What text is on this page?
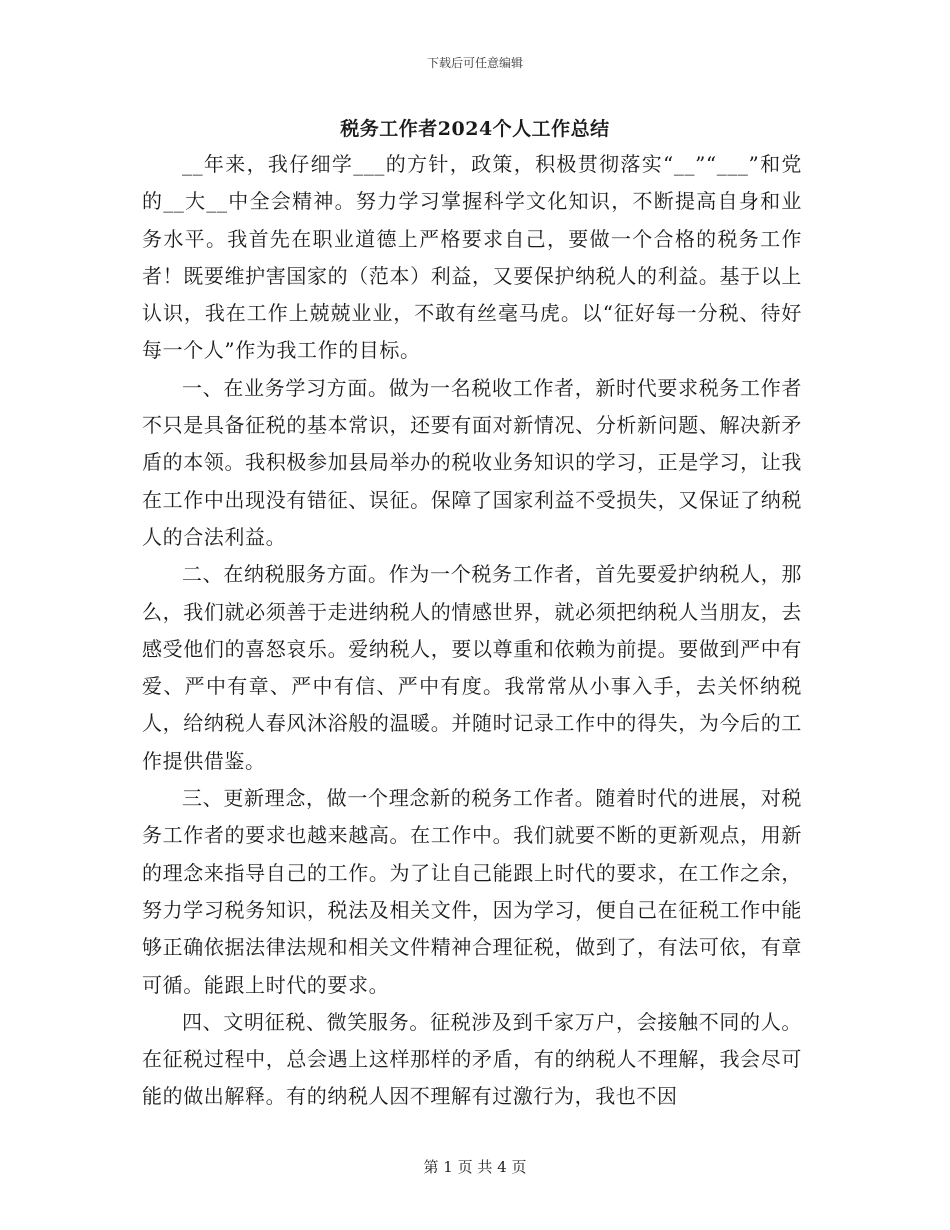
下载后可任意编辑
税务工作者2024个人工作总结

__年来，我仔细学___的方针，政策，积极贯彻落实“__”“___”和党的__大__中全会精神。努力学习掌握科学文化知识，不断提高自身和业务水平。我首先在职业道德上严格要求自己，要做一个合格的税务工作者！既要维护害国家的（范本）利益，又要保护纳税人的利益。基于以上认识，我在工作上兢兢业业，不敢有丝毫马虎。以“征好每一分税、待好每一个人”作为我工作的目标。

一、在业务学习方面。做为一名税收工作者，新时代要求税务工作者不只是具备征税的基本常识，还要有面对新情况、分析新问题、解决新矛盾的本领。我积极参加县局举办的税收业务知识的学习，正是学习，让我在工作中出现没有错征、误征。保障了国家利益不受损失，又保证了纳税人的合法利益。

二、在纳税服务方面。作为一个税务工作者，首先要爱护纳税人，那么，我们就必须善于走进纳税人的情感世界，就必须把纳税人当朋友，去感受他们的喜怒哀乐。爱纳税人，要以尊重和依赖为前提。要做到严中有爱、严中有章、严中有信、严中有度。我常常从小事入手，去关怀纳税人，给纳税人春风沐浴般的温暖。并随时记录工作中的得失，为今后的工作提供借鉴。

三、更新理念，做一个理念新的税务工作者。随着时代的进展，对税务工作者的要求也越来越高。在工作中。我们就要不断的更新观点，用新的理念来指导自己的工作。为了让自己能跟上时代的要求，在工作之余，努力学习税务知识，税法及相关文件，因为学习，便自己在征税工作中能够正确依据法律法规和相关文件精神合理征税，做到了，有法可依，有章可循。能跟上时代的要求。

四、文明征税、微笑服务。征税涉及到千家万户，会接触不同的人。在征税过程中，总会遇上这样那样的矛盾，有的纳税人不理解，我会尽可能的做出解释。有的纳税人因不理解有过激行为，我也不因

第 1 页 共 4 页
